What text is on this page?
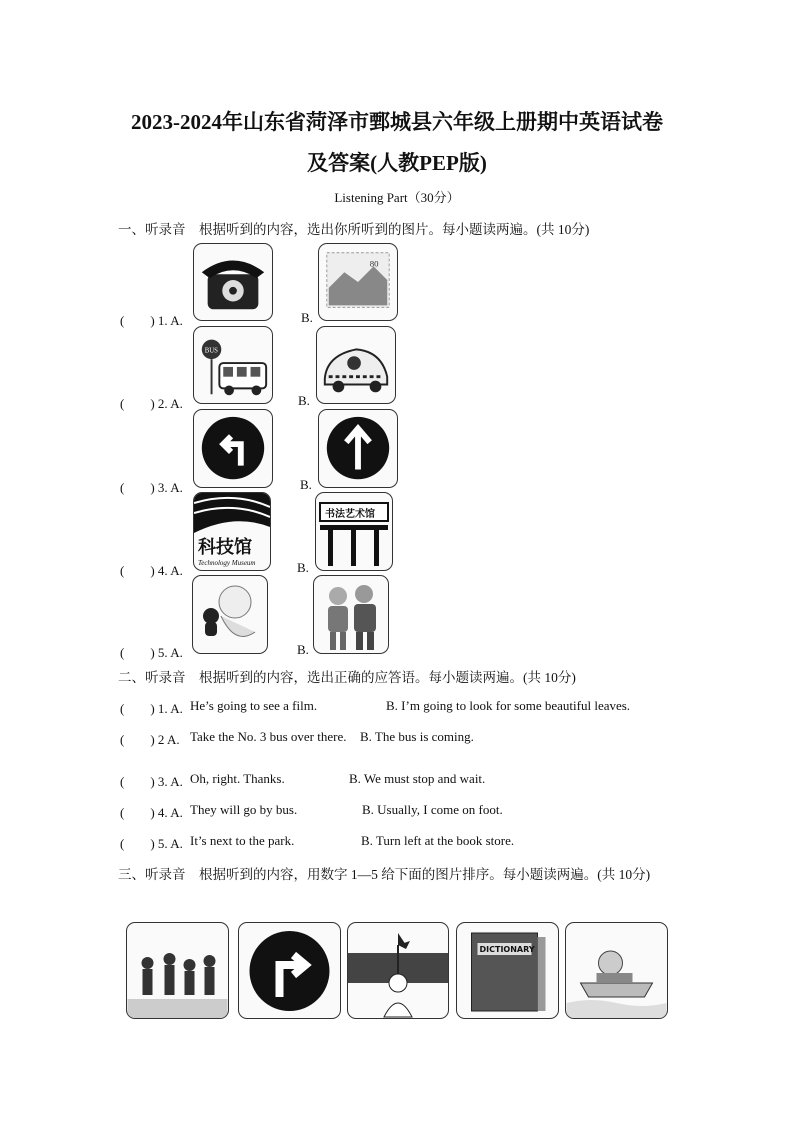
2023-2024年山东省菏泽市鄄城县六年级上册期中英语试卷
及答案(人教PEP版)
Listening Part（30分）
一、听录音　根据听到的内容，选出你所听到的图片。每小题读两遍。(共 10分)
(　　) 1. A.	B.
80
(　　) 2. A.	B.
BUS
(　　) 3. A.	B.
(　　) 4. A.	B.
科技馆
Technology Museum
书法艺术馆
(　　) 5. A.	B.
二、听录音　根据听到的内容，选出正确的应答语。每小题读两遍。(共 10分)
(　　) 1. A. He’s going to see a film.	B. I’m going to look for some beautiful leaves.
(　　) 2 A. Take the No. 3 bus over there. B. The bus is coming.
(　　) 3. A. Oh, right. Thanks.	B. We must stop and wait.
(　　) 4. A. They will go by bus.	B. Usually, I come on foot.
(　　) 5. A. It’s next to the park.	B. Turn left at the book store.
三、听录音　根据听到的内容，用数字 1—5 给下面的图片排序。每小题读两遍。(共 10分)
DICTIONARY
